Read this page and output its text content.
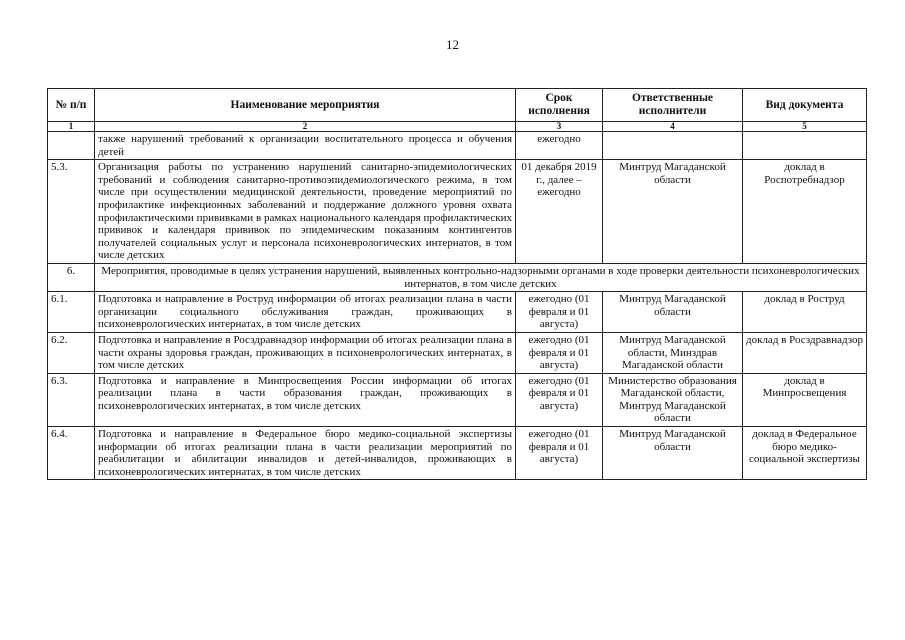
12
№ п/п	Наименование мероприятия	Срок исполнения	Ответственные исполнители	Вид документа
1	2	3	4	5
	также нарушений требований к организации воспитательного процесса и обучения детей	ежегодно		
5.3.	Организация работы по устранению нарушений санитарно-эпидемиологических требований и соблюдения санитарно-противоэпидемиологического режима, в том числе при осуществлении медицинской деятельности, проведение мероприятий по профилактике инфекционных заболеваний и поддержание должного уровня охвата профилактическими прививками в рамках национального календаря профилактических прививок и календаря прививок по эпидемическим показаниям контингентов получателей социальных услуг и персонала психоневрологических интернатов, в том числе детских	01 декабря 2019 г., далее – ежегодно	Минтруд Магаданской области	доклад в Роспотребнадзор
6.	Мероприятия, проводимые в целях устранения нарушений, выявленных контрольно-надзорными органами в ходе проверки деятельности психоневрологических интернатов, в том числе детских			
6.1.	Подготовка и направление в Роструд информации об итогах реализации плана в части организации социального обслуживания граждан, проживающих в психоневрологических интернатах, в том числе детских	ежегодно (01 февраля и 01 августа)	Минтруд Магаданской области	доклад в Роструд
6.2.	Подготовка и направление в Росздравнадзор информации об итогах реализации плана в части охраны здоровья граждан, проживающих в психоневрологических интернатах, в том числе детских	ежегодно (01 февраля и 01 августа)	Минтруд Магаданской области, Минздрав Магаданской области	доклад в Росздравнадзор
6.3.	Подготовка и направление в Минпросвещения России информации об итогах реализации плана в части образования граждан, проживающих в психоневрологических интернатах, в том числе детских	ежегодно (01 февраля и 01 августа)	Министерство образования Магаданской области, Минтруд Магаданской области	доклад в Минпросвещения
6.4.	Подготовка и направление в Федеральное бюро медико-социальной экспертизы информации об итогах реализации плана в части реализации мероприятий по реабилитации и абилитации инвалидов и детей-инвалидов, проживающих в психоневрологических интернатах, в том числе детских	ежегодно (01 февраля и 01 августа)	Минтруд Магаданской области	доклад в Федеральное бюро медико-социальной экспертизы
